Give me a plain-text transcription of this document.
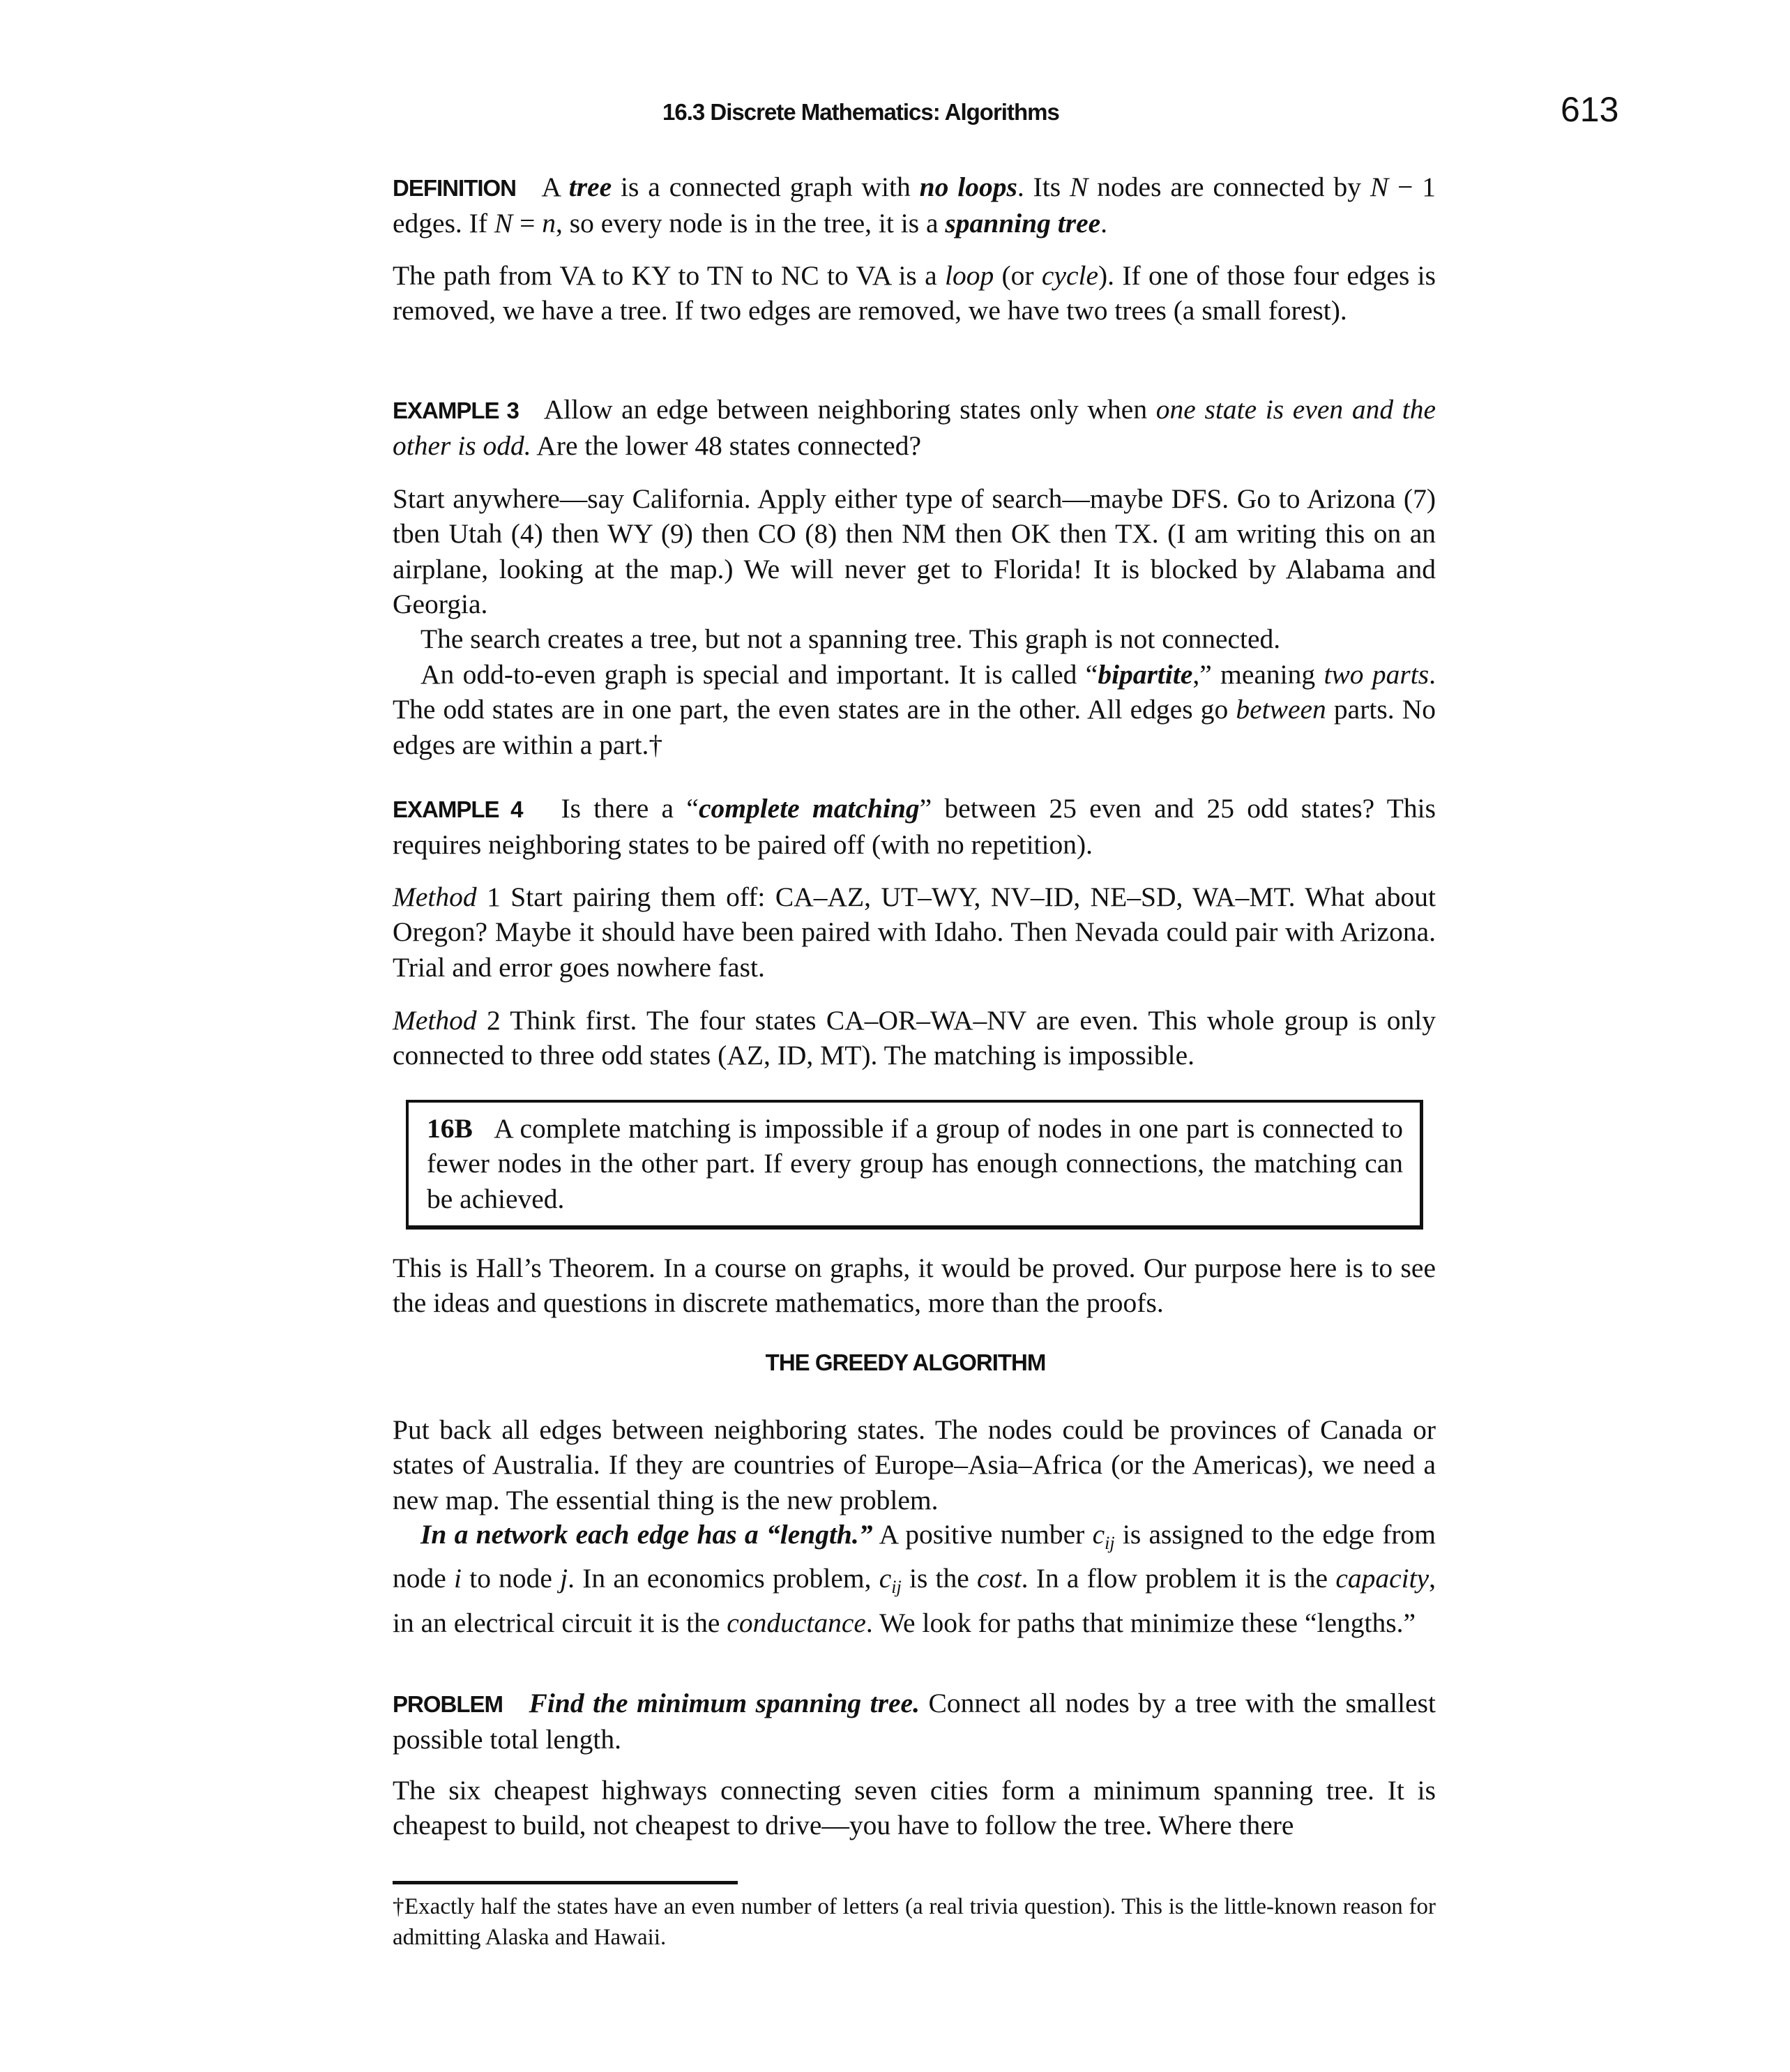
16.3 Discrete Mathematics: Algorithms	613
DEFINITION   A tree is a connected graph with no loops. Its N nodes are connected by N − 1 edges. If N = n, so every node is in the tree, it is a spanning tree.
The path from VA to KY to TN to NC to VA is a loop (or cycle). If one of those four edges is removed, we have a tree. If two edges are removed, we have two trees (a small forest).
EXAMPLE 3   Allow an edge between neighboring states only when one state is even and the other is odd. Are the lower 48 states connected?
Start anywhere—say California. Apply either type of search—maybe DFS. Go to Arizona (7) tben Utah (4) then WY (9) then CO (8) then NM then OK then TX. (I am writing this on an airplane, looking at the map.) We will never get to Florida! It is blocked by Alabama and Georgia.
The search creates a tree, but not a spanning tree. This graph is not connected.
An odd-to-even graph is special and important. It is called “bipartite,” meaning two parts. The odd states are in one part, the even states are in the other. All edges go between parts. No edges are within a part.†
EXAMPLE 4   Is there a “complete matching” between 25 even and 25 odd states? This requires neighboring states to be paired off (with no repetition).
Method 1 Start pairing them off: CA–AZ, UT–WY, NV–ID, NE–SD, WA–MT. What about Oregon? Maybe it should have been paired with Idaho. Then Nevada could pair with Arizona. Trial and error goes nowhere fast.
Method 2 Think first. The four states CA–OR–WA–NV are even. This whole group is only connected to three odd states (AZ, ID, MT). The matching is impossible.
This is Hall’s Theorem. In a course on graphs, it would be proved. Our purpose here is to see the ideas and questions in discrete mathematics, more than the proofs.
Put back all edges between neighboring states. The nodes could be provinces of Canada or states of Australia. If they are countries of Europe–Asia–Africa (or the Americas), we need a new map. The essential thing is the new problem.
In a network each edge has a “length.” A positive number $c_{ij}$ is assigned to the edge from node i to node j. In an economics problem, $c_{ij}$ is the cost. In a flow problem it is the capacity, in an electrical circuit it is the conductance. We look for paths that minimize these “lengths.”
PROBLEM Find the minimum spanning tree. Connect all nodes by a tree with the smallest possible total length.
The six cheapest highways connecting seven cities form a minimum spanning tree. It is cheapest to build, not cheapest to drive—you have to follow the tree. Where there
16B A complete matching is impossible if a group of nodes in one part is connected to fewer nodes in the other part. If every group has enough connections, the matching can be achieved.
THE GREEDY ALGORITHM
†Exactly half the states have an even number of letters (a real trivia question). This is the little-known reason for admitting Alaska and Hawaii.
